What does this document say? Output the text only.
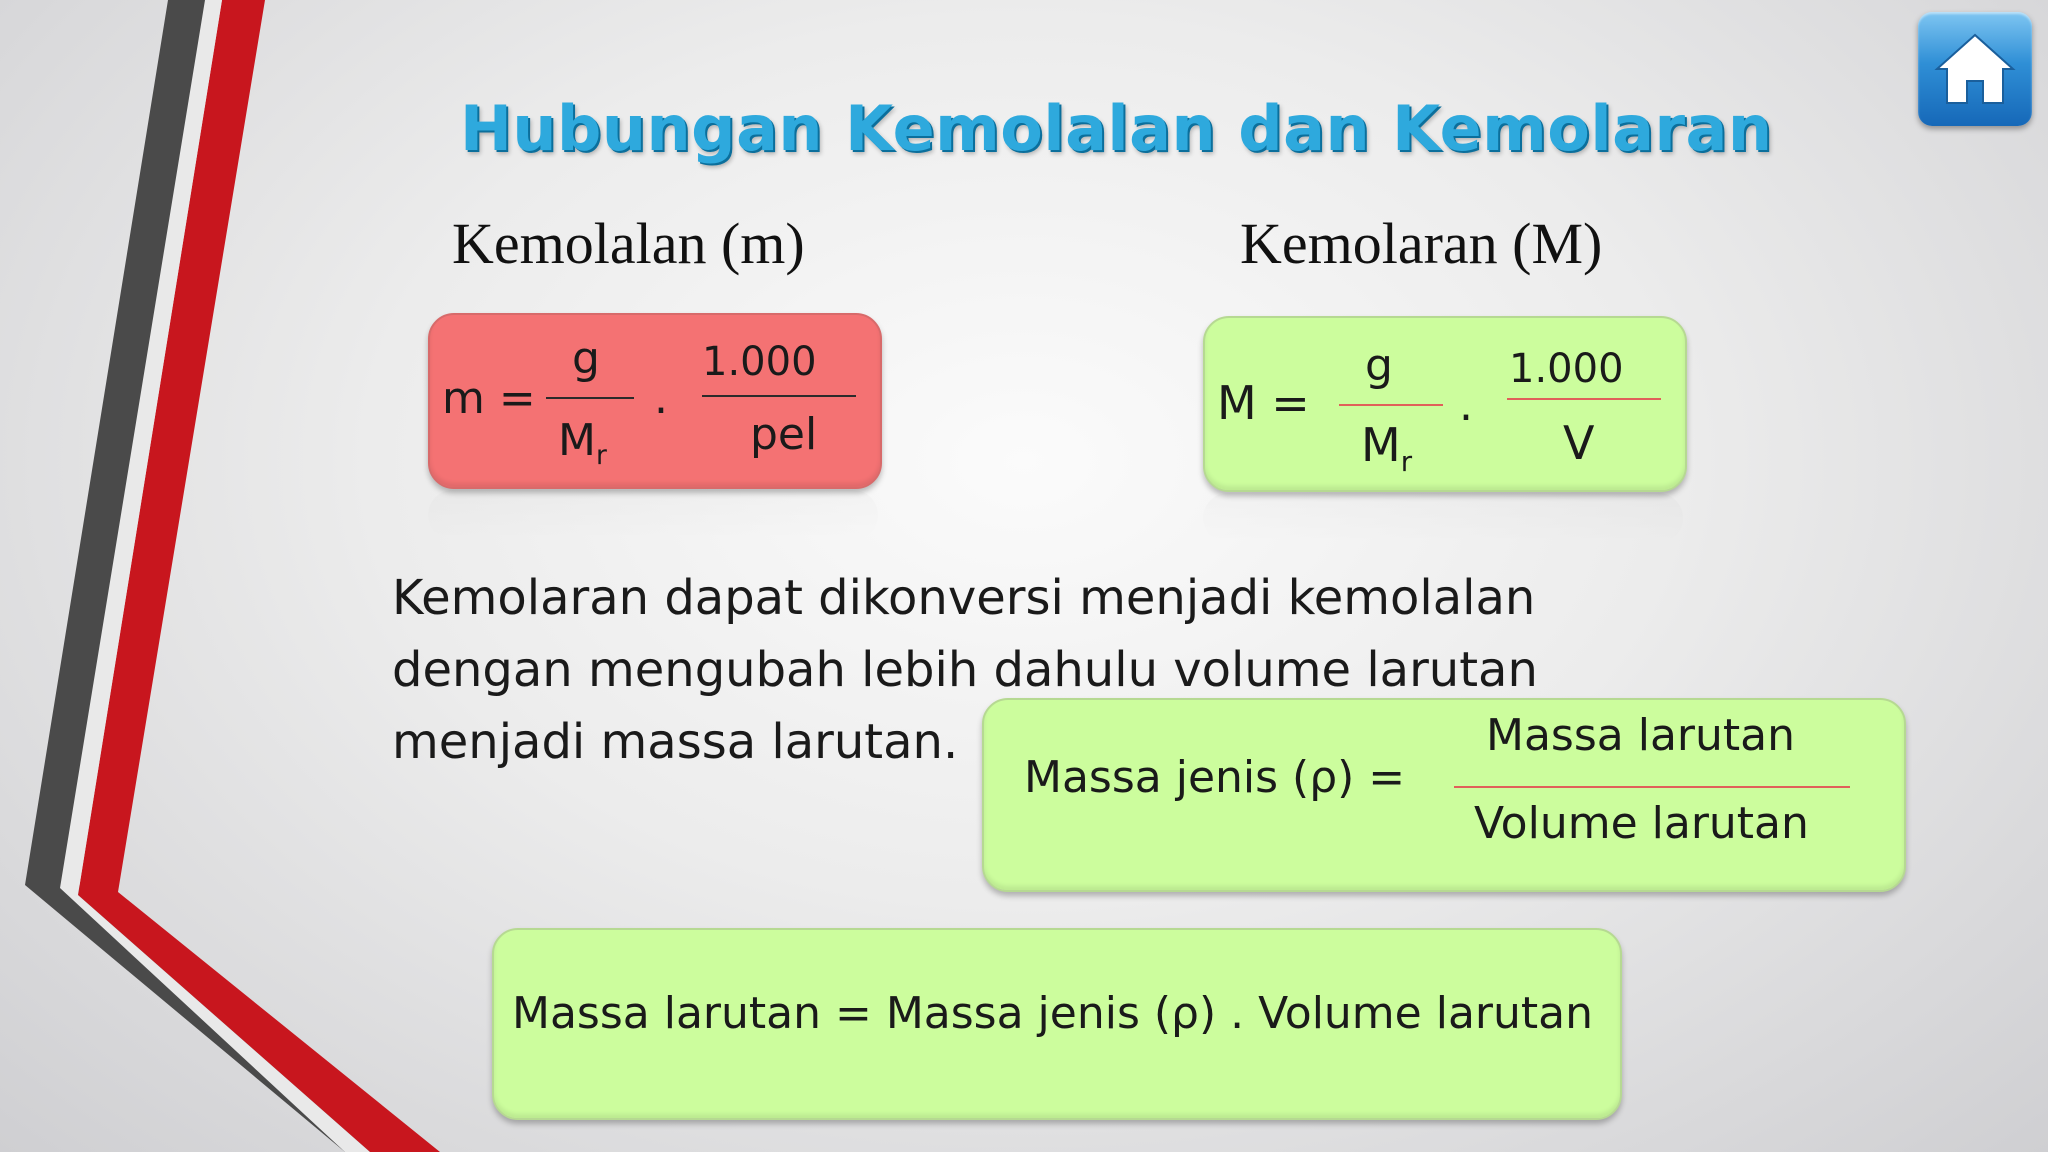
Hubungan Kemolalan dan Kemolaran
Kemolalan (m)	Kemolaran (M)
m =
g
$M_r$
.
1.000
pel
M =
g
$M_r$
.
1.000
V
Kemolaran dapat dikonversi menjadi kemolalan
dengan mengubah lebih dahulu volume larutan
menjadi massa larutan.
Massa jenis (ρ) =
Massa larutan
Volume larutan
Massa larutan = Massa jenis (ρ) . Volume larutan
